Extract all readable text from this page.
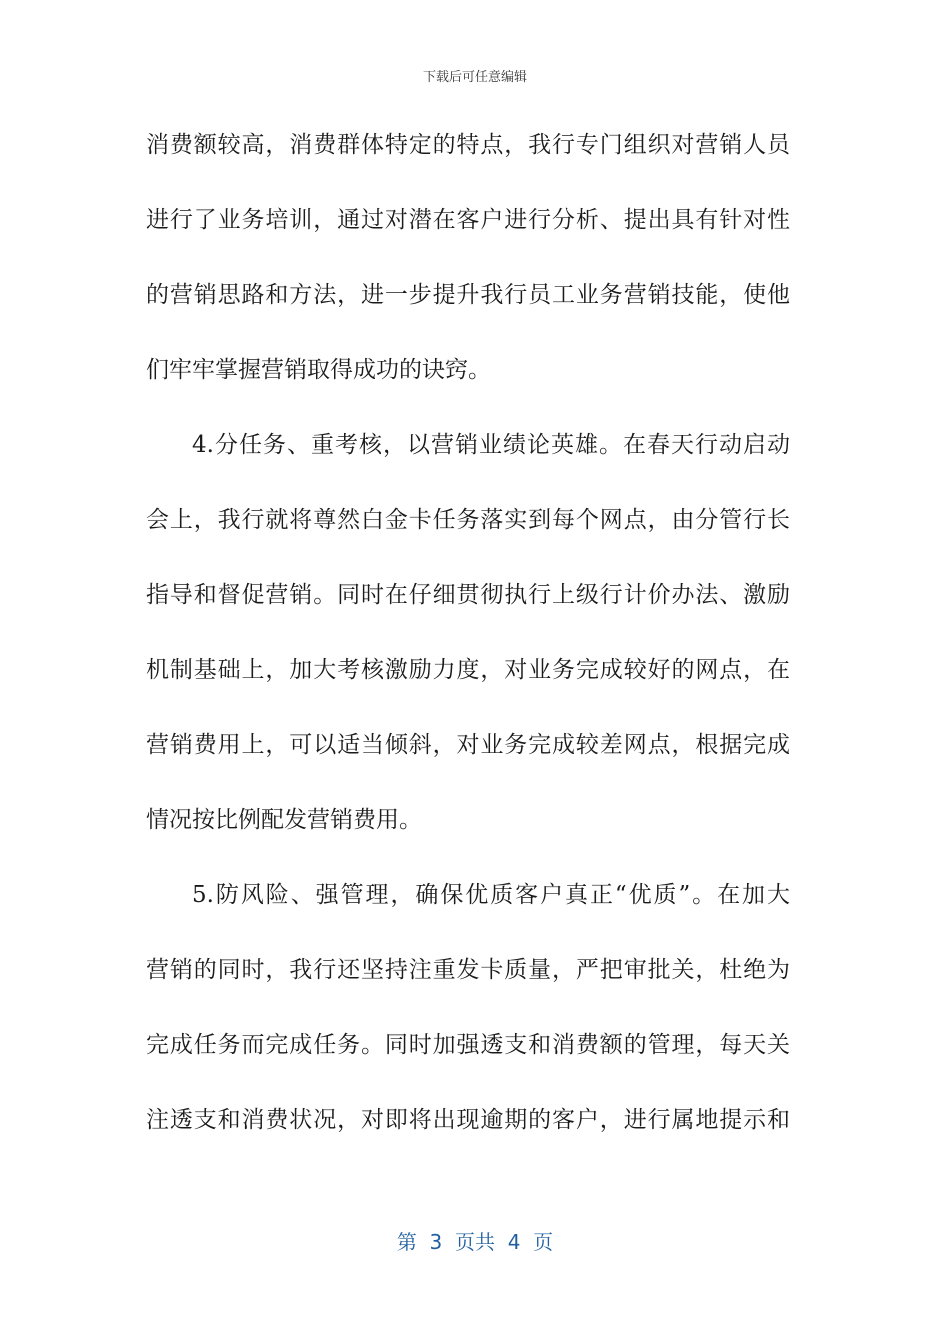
下载后可任意编辑
消费额较高，消费群体特定的特点，我行专门组织对营销人员
进行了业务培训，通过对潜在客户进行分析、提出具有针对性
的营销思路和方法，进一步提升我行员工业务营销技能，使他
们牢牢掌握营销取得成功的诀窍。
4.分任务、重考核，以营销业绩论英雄。在春天行动启动
会上，我行就将尊然白金卡任务落实到每个网点，由分管行长
指导和督促营销。同时在仔细贯彻执行上级行计价办法、激励
机制基础上，加大考核激励力度，对业务完成较好的网点，在
营销费用上，可以适当倾斜，对业务完成较差网点，根据完成
情况按比例配发营销费用。
5.防风险、强管理，确保优质客户真正“优质”。在加大
营销的同时，我行还坚持注重发卡质量，严把审批关，杜绝为
完成任务而完成任务。同时加强透支和消费额的管理，每天关
注透支和消费状况，对即将出现逾期的客户，进行属地提示和
第  3  页共  4  页
